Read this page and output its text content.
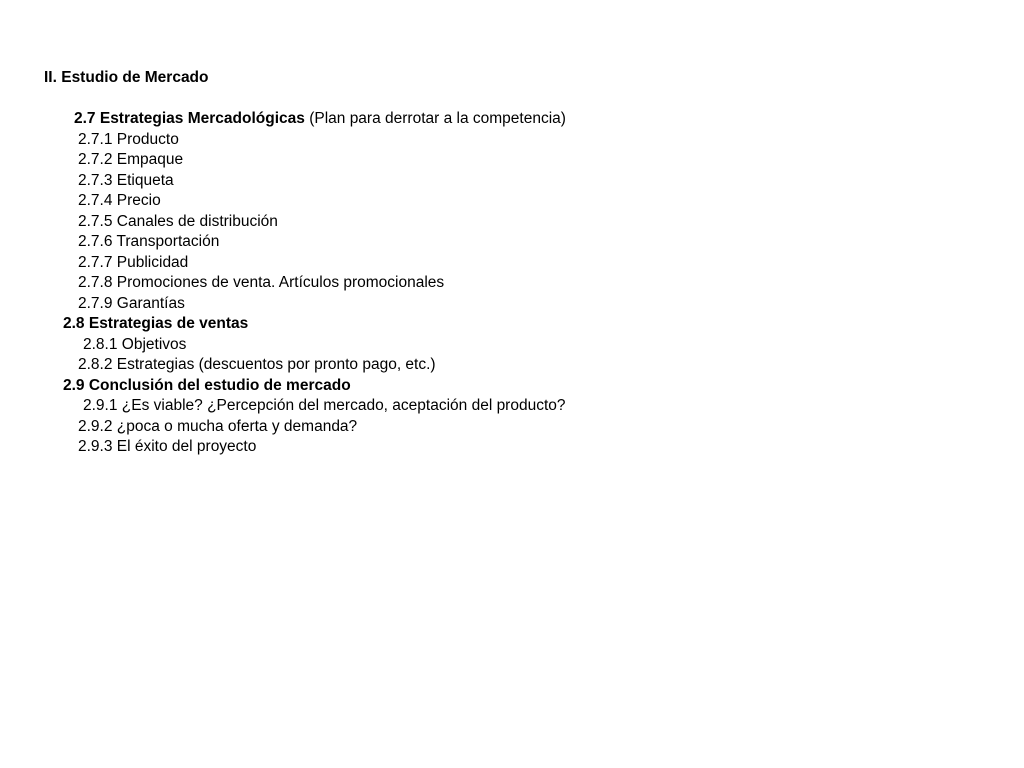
II. Estudio de Mercado
2.7 Estrategias Mercadológicas (Plan para derrotar a la competencia)
2.7.1 Producto
2.7.2 Empaque
2.7.3 Etiqueta
2.7.4 Precio
2.7.5 Canales de distribución
2.7.6 Transportación
2.7.7 Publicidad
2.7.8 Promociones de venta. Artículos promocionales
2.7.9 Garantías
2.8 Estrategias de ventas
2.8.1 Objetivos
2.8.2 Estrategias (descuentos por pronto pago, etc.)
2.9 Conclusión del estudio de mercado
2.9.1 ¿Es viable? ¿Percepción del mercado, aceptación del producto?
2.9.2 ¿poca o mucha oferta y demanda?
2.9.3 El éxito del proyecto
